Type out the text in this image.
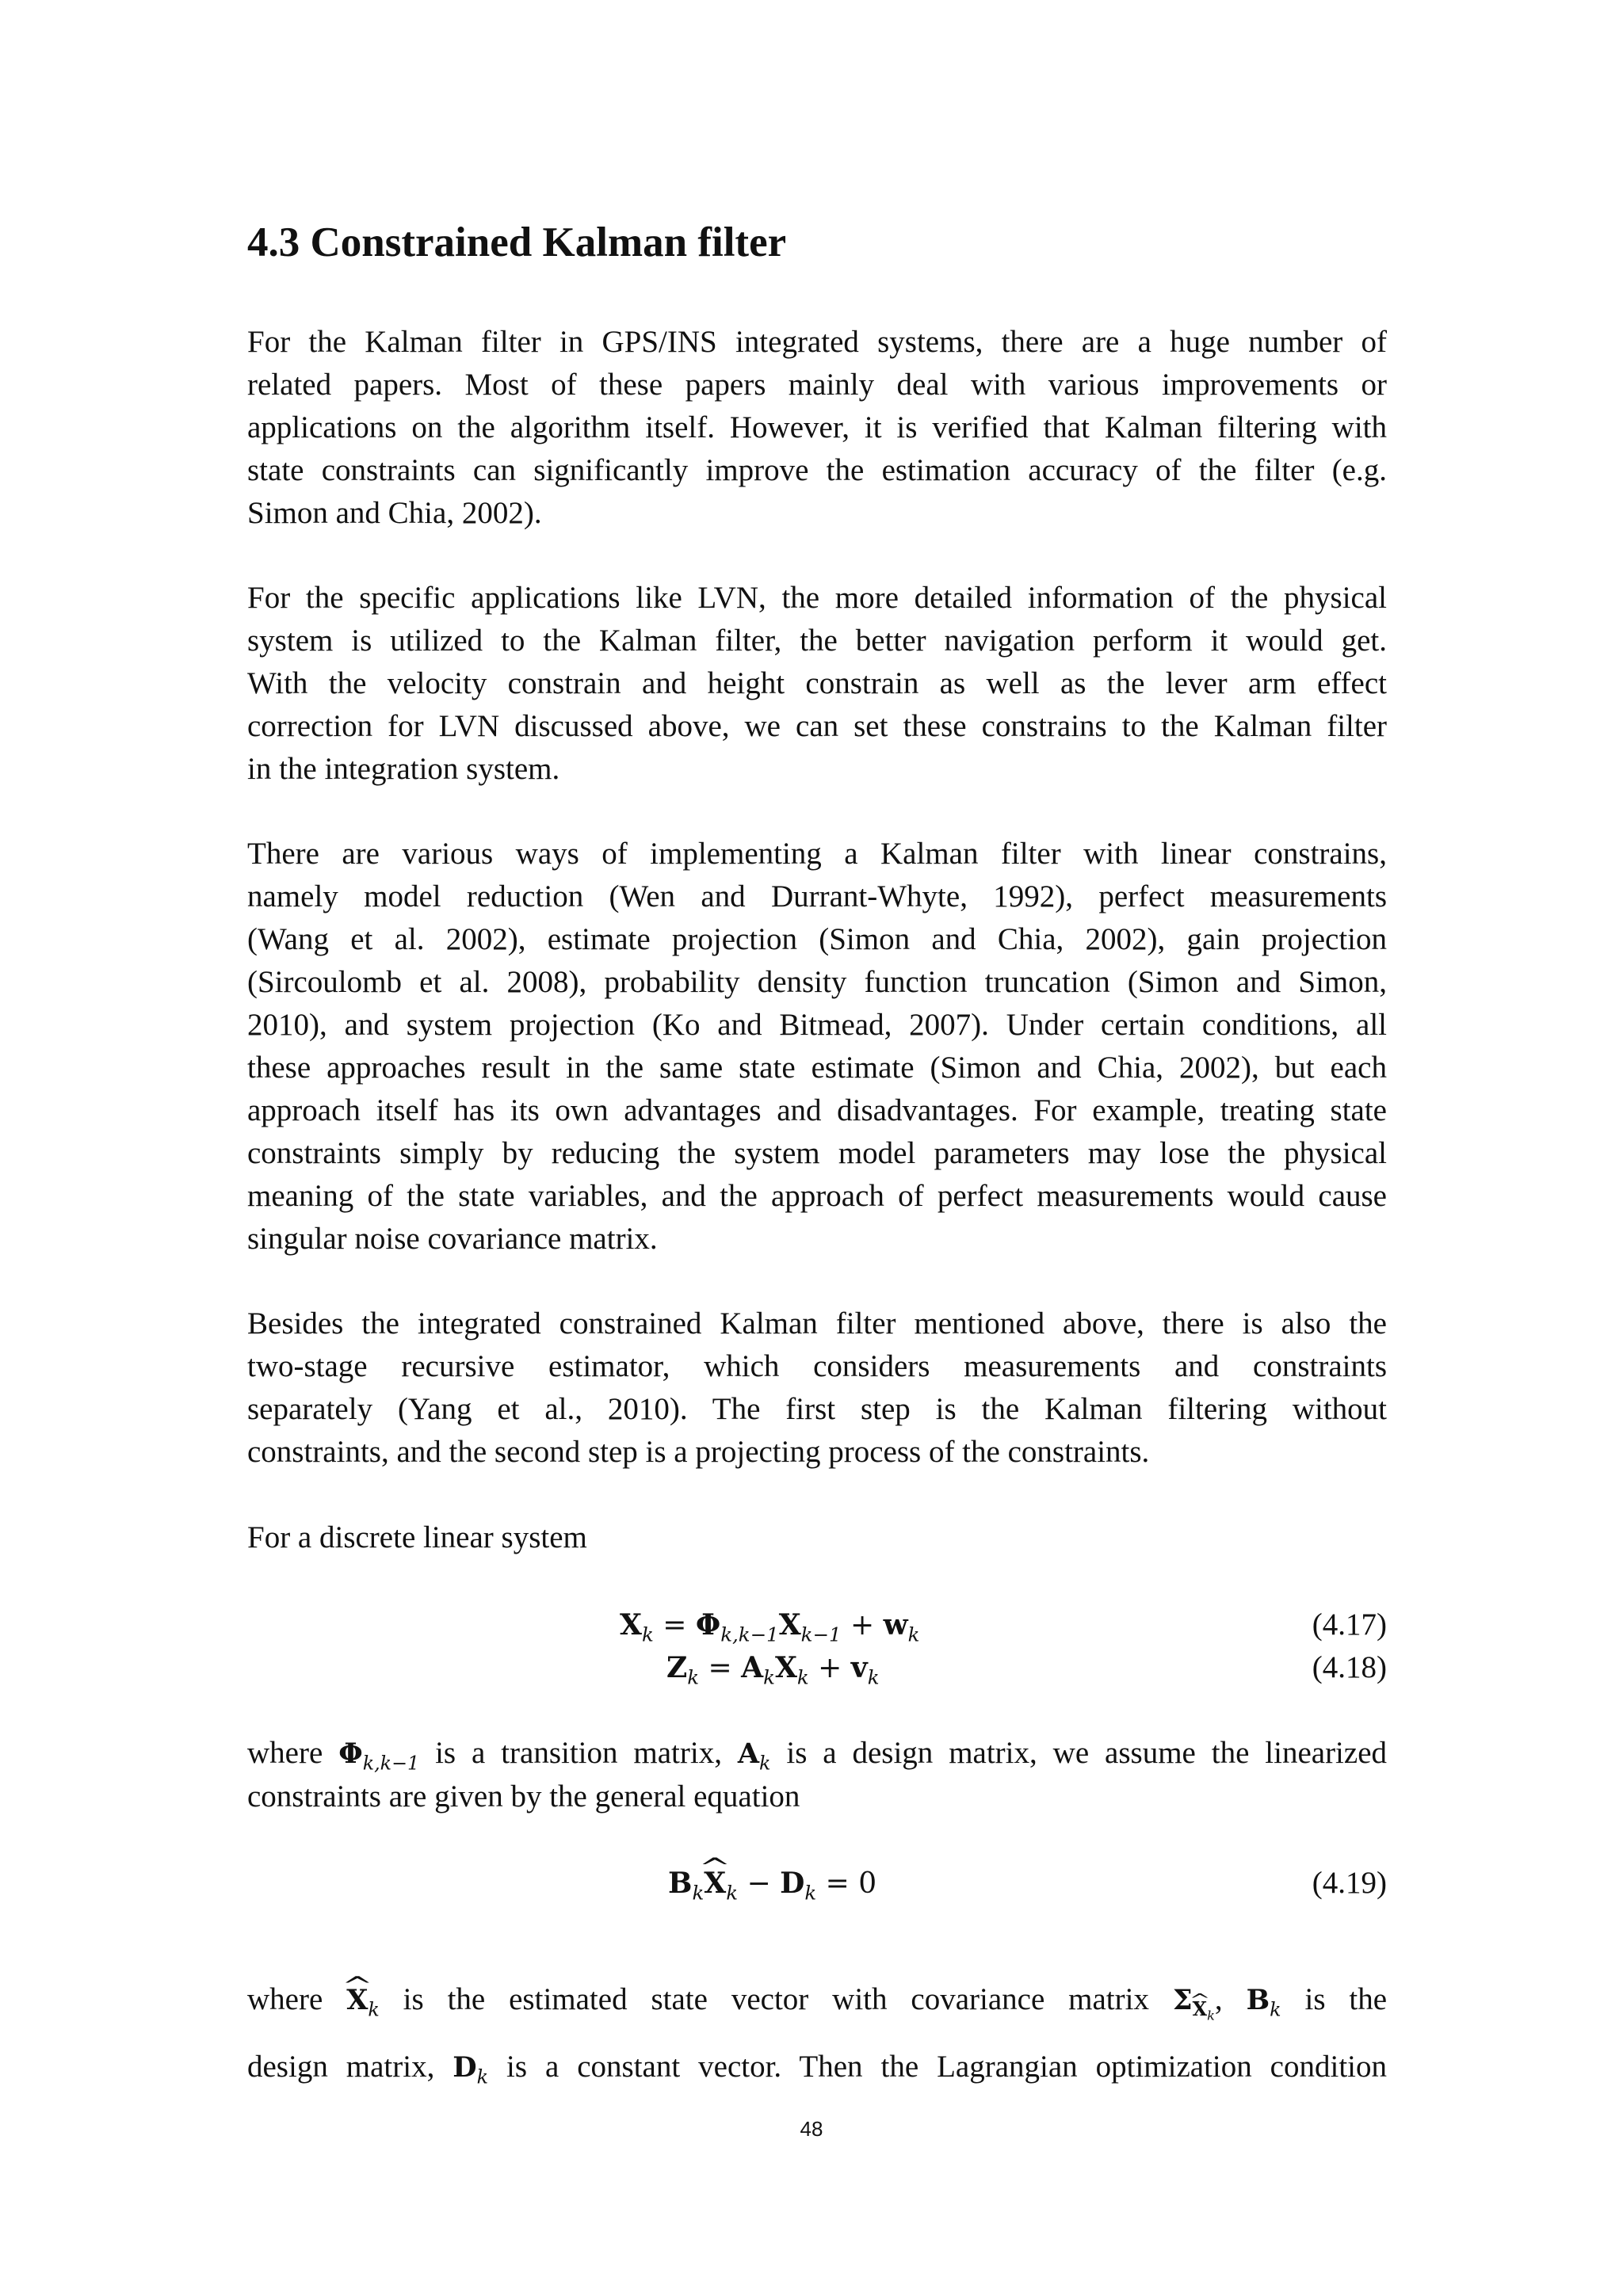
4.3 Constrained Kalman filter
For the Kalman filter in GPS/INS integrated systems, there are a huge number of
related papers. Most of these papers mainly deal with various improvements or
applications on the algorithm itself. However, it is verified that Kalman filtering with
state constraints can significantly improve the estimation accuracy of the filter (e.g.
Simon and Chia, 2002).
For the specific applications like LVN, the more detailed information of the physical
system is utilized to the Kalman filter, the better navigation perform it would get.
With the velocity constrain and height constrain as well as the lever arm effect
correction for LVN discussed above, we can set these constrains to the Kalman filter
in the integration system.
There are various ways of implementing a Kalman filter with linear constrains,
namely model reduction (Wen and Durrant-Whyte, 1992), perfect measurements
(Wang et al. 2002), estimate projection (Simon and Chia, 2002), gain projection
(Sircoulomb et al. 2008), probability density function truncation (Simon and Simon,
2010), and system projection (Ko and Bitmead, 2007). Under certain conditions, all
these approaches result in the same state estimate (Simon and Chia, 2002), but each
approach itself has its own advantages and disadvantages. For example, treating state
constraints simply by reducing the system model parameters may lose the physical
meaning of the state variables, and the approach of perfect measurements would cause
singular noise covariance matrix.
Besides the integrated constrained Kalman filter mentioned above, there is also the
two-stage recursive estimator, which considers measurements and constraints
separately (Yang et al., 2010). The first step is the Kalman filtering without
constraints, and the second step is a projecting process of the constraints.
For a discrete linear system
$X_k = \Phi_{k,k-1}X_{k-1} + w_k$	(4.17)
$Z_k = A_kX_k + v_k$	(4.18)
where $\Phi_{k,k-1}$ is a transition matrix, $A_k$ is a design matrix, we assume the linearized
constraints are given by the general equation
$B_k\^{}$ $X_k - D_k = 0$	(4.19)
where ^ $X_k$ is the estimated state vector with covariance matrix $\Sigma_{X_k}$, $B_k$ is the
design matrix, $D_k$ is a constant vector. Then the Lagrangian optimization condition
48
